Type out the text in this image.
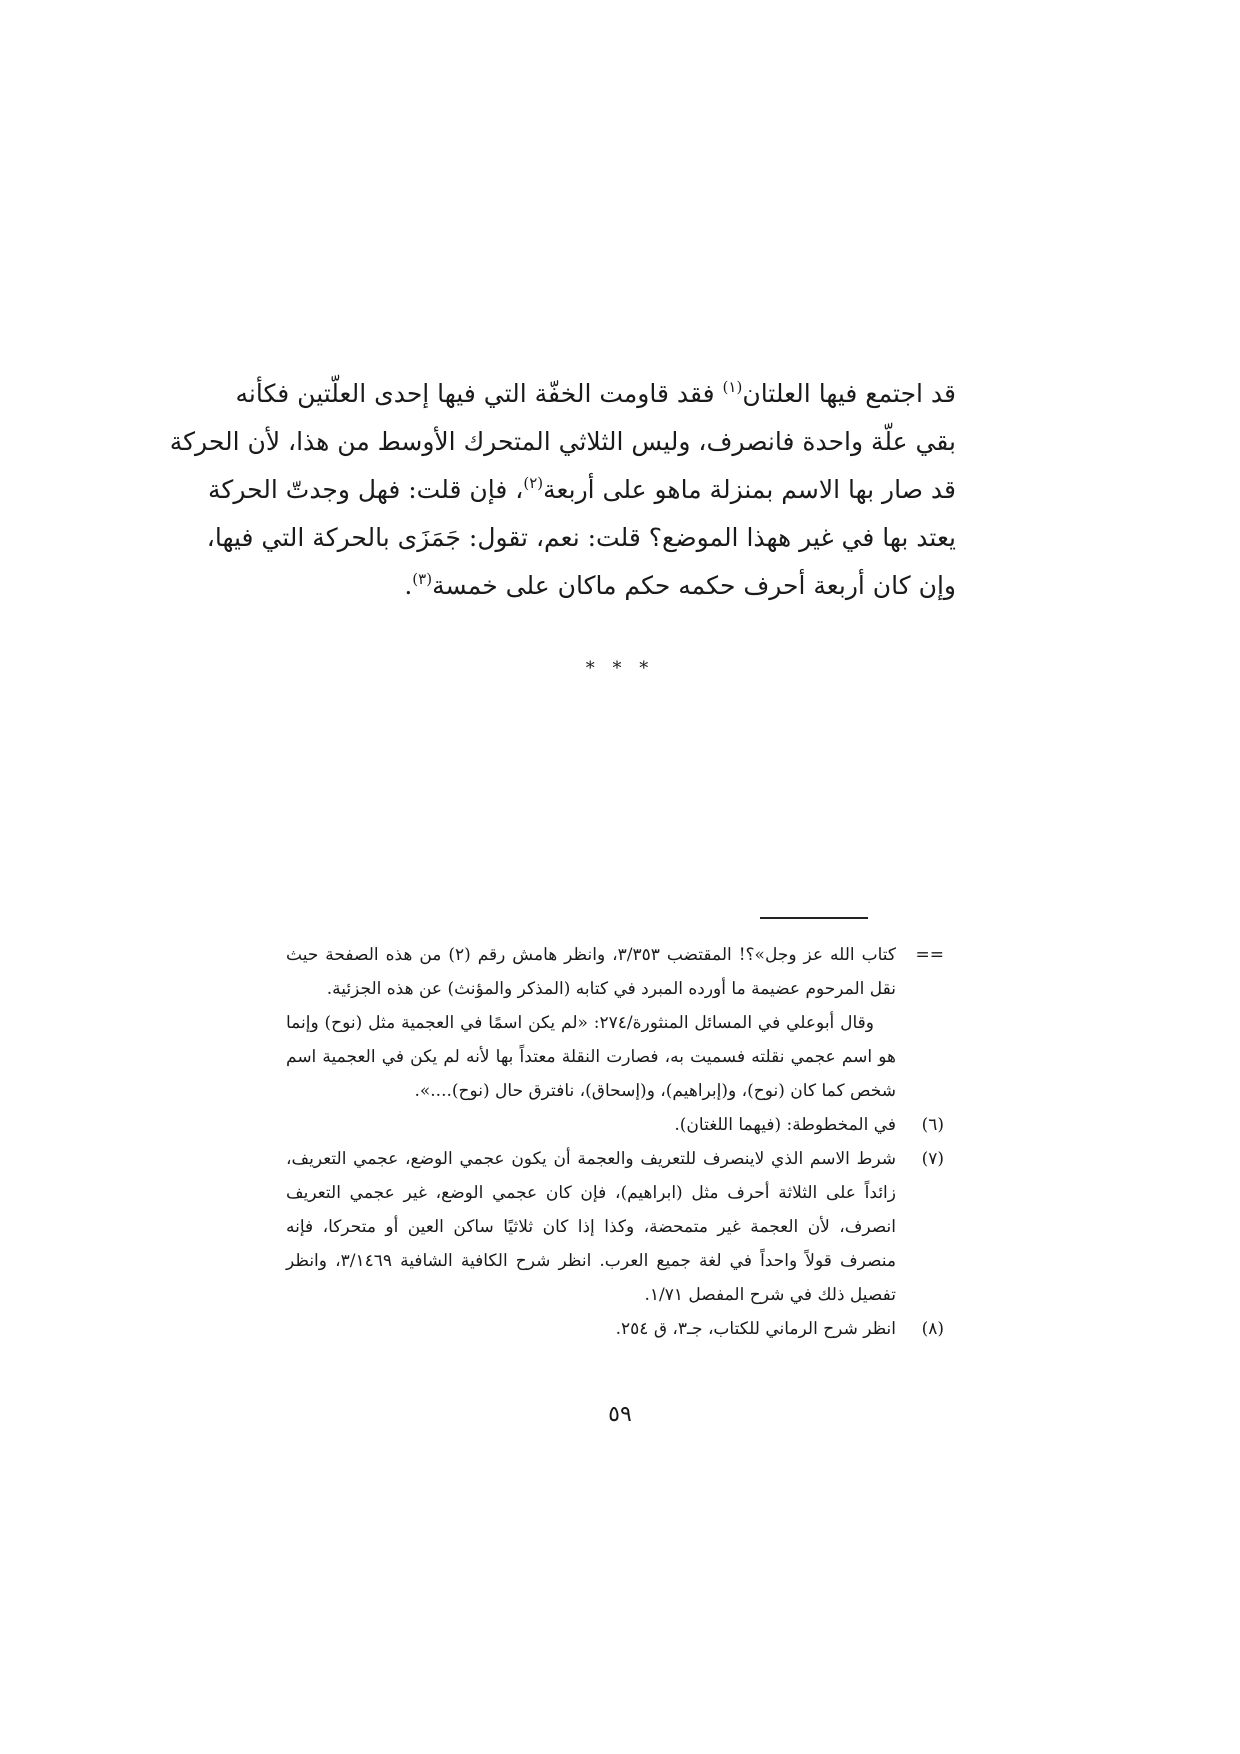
قد اجتمع فيها العلتان$^{(١)}$ فقد قاومت الخفّة التي فيها إحدى العلّتين فكأنه
بقي علّة واحدة فانصرف، وليس الثلاثي المتحرك الأوسط من هذا، لأن الحركة
قد صار بها الاسم بمنزلة ماهو على أربعة$^{(٢)}$، فإن قلت: فهل وجدتّ الحركة
يعتد بها في غير ههذا الموضع؟ قلت: نعم، تقول: جَمَزَى بالحركة التي فيها،
وإن كان أربعة أحرف حكمه حكم ماكان على خمسة$^{(٣)}$.
* * *
==
كتاب الله عز وجل»؟! المقتضب ٣/٣٥٣، وانظر هامش رقم (٢) من هذه الصفحة حيث
نقل المرحوم عضيمة ما أورده المبرد في كتابه (المذكر والمؤنث) عن هذه الجزئية.
وقال أبوعلي في المسائل المنثورة/٢٧٤: «لم يكن اسمًا في العجمية مثل (نوح) وإنما
هو اسم عجمي نقلته فسميت به، فصارت النقلة معتداً بها لأنه لم يكن في العجمية اسم
شخص كما كان (نوح)، و(إبراهيم)، و(إسحاق)، نافترق حال (نوح)....».
(٦)
في المخطوطة: (فيهما اللغتان).
(٧)
شرط الاسم الذي لاينصرف للتعريف والعجمة أن يكون عجمي الوضع، عجمي التعريف،
زائداً على الثلاثة أحرف مثل (ابراهيم)، فإن كان عجمي الوضع، غير عجمي التعريف
انصرف، لأن العجمة غير متمحضة، وكذا إذا كان ثلاثيًا ساكن العين أو متحركا، فإنه
منصرف قولاً واحداً في لغة جميع العرب. انظر شرح الكافية الشافية ٣/١٤٦٩، وانظر
تفصيل ذلك في شرح المفصل ١/٧١.
(٨)
انظر شرح الرماني للكتاب، جـ٣، ق ٢٥٤.
٥٩
